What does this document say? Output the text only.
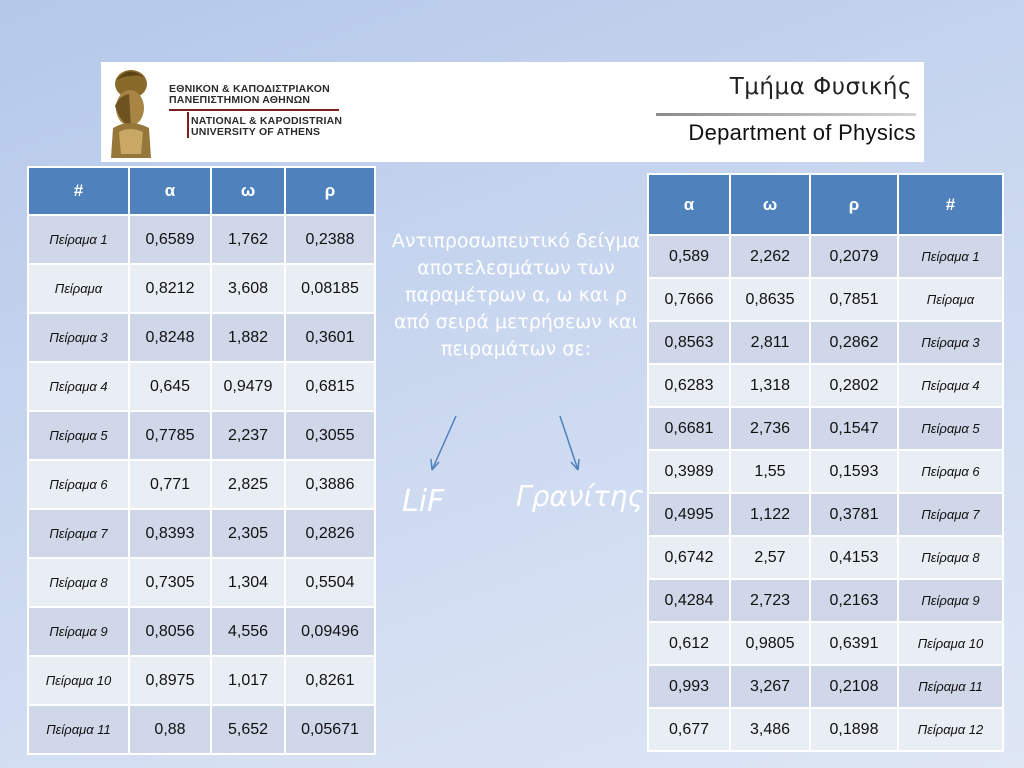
ΕΘΝΙΚΟΝ & ΚΑΠΟΔΙΣΤΡΙΑΚΟΝ
ΠΑΝΕΠΙΣΤΗΜΙΟΝ ΑΘΗΝΩΝ
NATIONAL & KAPODISTRIAN
UNIVERSITY OF ATHENS
Τμήμα Φυσικής
Department of Physics
#	α	ω	ρ
Πείραμα 1	0,6589	1,762	0,2388
Πείραμα	0,8212	3,608	0,08185
Πείραμα 3	0,8248	1,882	0,3601
Πείραμα 4	0,645	0,9479	0,6815
Πείραμα 5	0,7785	2,237	0,3055
Πείραμα 6	0,771	2,825	0,3886
Πείραμα 7	0,8393	2,305	0,2826
Πείραμα 8	0,7305	1,304	0,5504
Πείραμα 9	0,8056	4,556	0,09496
Πείραμα 10	0,8975	1,017	0,8261
Πείραμα 11	0,88	5,652	0,05671
Αντιπροσωπευτικό δείγμα αποτελεσμάτων των παραμέτρων α, ω και ρ από σειρά μετρήσεων και πειραμάτων σε:
LiF	Γρανίτης
α	ω	ρ	#
0,589	2,262	0,2079	Πείραμα 1
0,7666	0,8635	0,7851	Πείραμα
0,8563	2,811	0,2862	Πείραμα 3
0,6283	1,318	0,2802	Πείραμα 4
0,6681	2,736	0,1547	Πείραμα 5
0,3989	1,55	0,1593	Πείραμα 6
0,4995	1,122	0,3781	Πείραμα 7
0,6742	2,57	0,4153	Πείραμα 8
0,4284	2,723	0,2163	Πείραμα 9
0,612	0,9805	0,6391	Πείραμα 10
0,993	3,267	0,2108	Πείραμα 11
0,677	3,486	0,1898	Πείραμα 12
